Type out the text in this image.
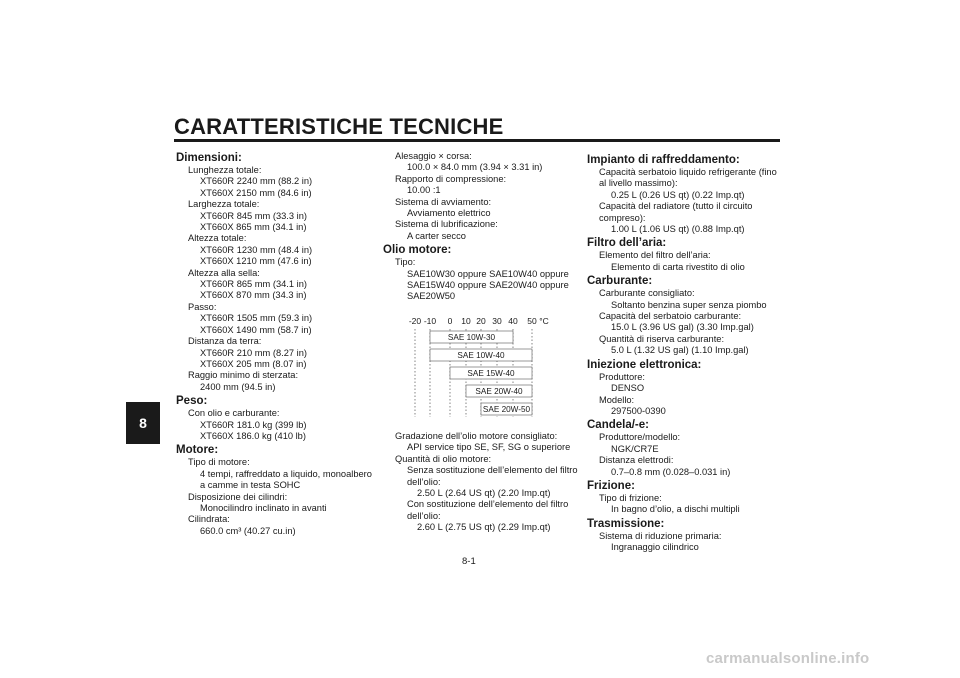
CARATTERISTICHE TECNICHE
8
Dimensioni:
Lunghezza totale:
XT660R 2240 mm (88.2 in)
XT660X 2150 mm (84.6 in)
Larghezza totale:
XT660R 845 mm (33.3 in)
XT660X 865 mm (34.1 in)
Altezza totale:
XT660R 1230 mm (48.4 in)
XT660X 1210 mm (47.6 in)
Altezza alla sella:
XT660R 865 mm (34.1 in)
XT660X 870 mm (34.3 in)
Passo:
XT660R 1505 mm (59.3 in)
XT660X 1490 mm (58.7 in)
Distanza da terra:
XT660R 210 mm (8.27 in)
XT660X 205 mm (8.07 in)
Raggio minimo di sterzata:
2400 mm (94.5 in)
Peso:
Con olio e carburante:
XT660R 181.0 kg (399 lb)
XT660X 186.0 kg (410 lb)
Motore:
Tipo di motore:
4 tempi, raffreddato a liquido, monoalbero a camme in testa SOHC
Disposizione dei cilindri:
Monocilindro inclinato in avanti
Cilindrata:
660.0 cm³ (40.27 cu.in)
Alesaggio × corsa:
100.0 × 84.0 mm (3.94 × 3.31 in)
Rapporto di compressione:
10.00 :1
Sistema di avviamento:
Avviamento elettrico
Sistema di lubrificazione:
A carter secco
Olio motore:
Tipo:
SAE10W30 oppure SAE10W40 oppure SAE15W40 oppure SAE20W40 oppure SAE20W50
-20 -10 0 10 20 30 40 50 °C
SAE 10W-30
SAE 10W-40
SAE 15W-40
SAE 20W-40
SAE 20W-50
Gradazione dell’olio motore consigliato:
API service tipo SE, SF, SG o superiore
Quantità di olio motore:
Senza sostituzione dell’elemento del filtro dell’olio:
2.50 L (2.64 US qt) (2.20 Imp.qt)
Con sostituzione dell’elemento del filtro dell’olio:
2.60 L (2.75 US qt) (2.29 Imp.qt)
Impianto di raffreddamento:
Capacità serbatoio liquido refrigerante (fino al livello massimo):
0.25 L (0.26 US qt) (0.22 Imp.qt)
Capacità del radiatore (tutto il circuito compreso):
1.00 L (1.06 US qt) (0.88 Imp.qt)
Filtro dell’aria:
Elemento del filtro dell’aria:
Elemento di carta rivestito di olio
Carburante:
Carburante consigliato:
Soltanto benzina super senza piombo
Capacità del serbatoio carburante:
15.0 L (3.96 US gal) (3.30 Imp.gal)
Quantità di riserva carburante:
5.0 L (1.32 US gal) (1.10 Imp.gal)
Iniezione elettronica:
Produttore:
DENSO
Modello:
297500-0390
Candela/-e:
Produttore/modello:
NGK/CR7E
Distanza elettrodi:
0.7–0.8 mm (0.028–0.031 in)
Frizione:
Tipo di frizione:
In bagno d’olio, a dischi multipli
Trasmissione:
Sistema di riduzione primaria:
Ingranaggio cilindrico
8-1
carmanualsonline.info
